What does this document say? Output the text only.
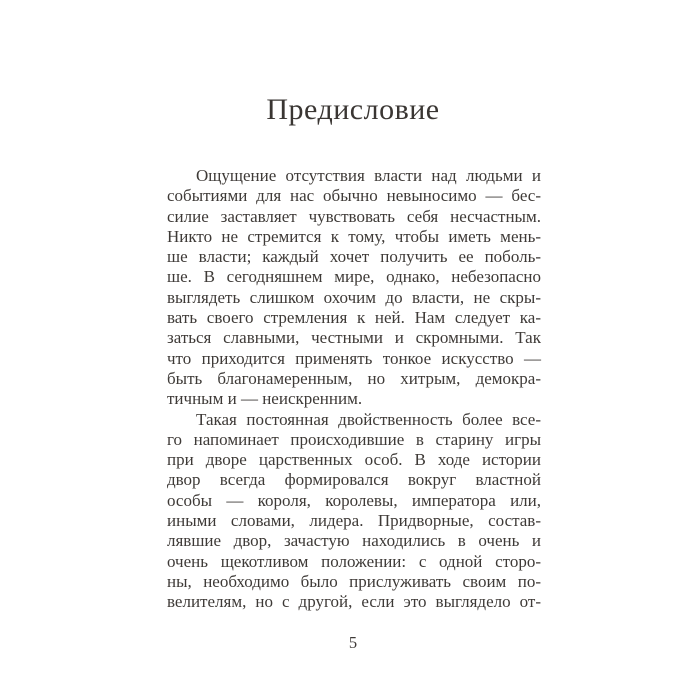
Предисловие
Ощущение отсутствия власти над людьми и
событиями для нас обычно невыносимо — бес-
силие заставляет чувствовать себя несчастным.
Никто не стремится к тому, чтобы иметь мень-
ше власти; каждый хочет получить ее поболь-
ше. В сегодняшнем мире, однако, небезопасно
выглядеть слишком охочим до власти, не скры-
вать своего стремления к ней. Нам следует ка-
заться славными, честными и скромными. Так
что приходится применять тонкое искусство —
быть благонамеренным, но хитрым, демокра-
тичным и — неискренним.
Такая постоянная двойственность более все-
го напоминает происходившие в старину игры
при дворе царственных особ. В ходе истории
двор всегда формировался вокруг властной
особы — короля, королевы, императора или,
иными словами, лидера. Придворные, состав-
лявшие двор, зачастую находились в очень и
очень щекотливом положении: с одной сторо-
ны, необходимо было прислуживать своим по-
велителям, но с другой, если это выглядело от-
5
